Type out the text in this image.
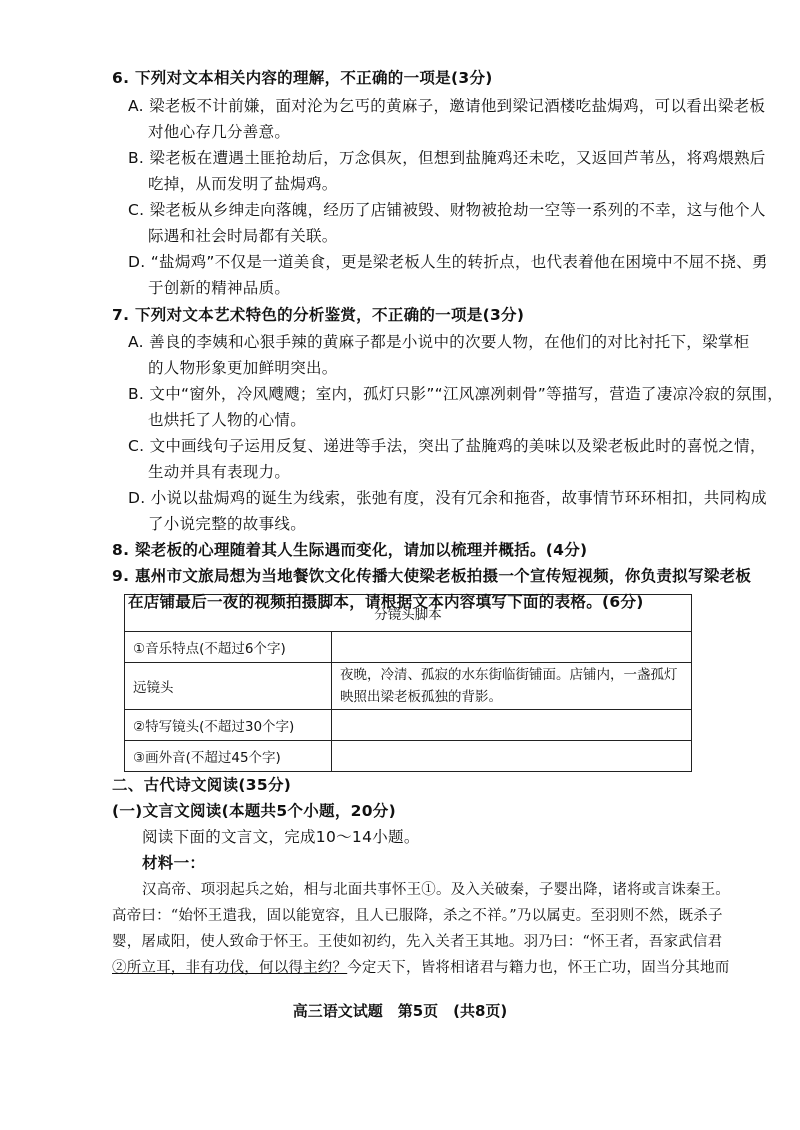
6. 下列对文本相关内容的理解，不正确的一项是(3分)
A. 梁老板不计前嫌，面对沦为乞丐的黄麻子，邀请他到梁记酒楼吃盐焗鸡，可以看出梁老板
对他心存几分善意。
B. 梁老板在遭遇土匪抢劫后，万念俱灰，但想到盐腌鸡还未吃，又返回芦苇丛，将鸡煨熟后
吃掉，从而发明了盐焗鸡。
C. 梁老板从乡绅走向落魄，经历了店铺被毁、财物被抢劫一空等一系列的不幸，这与他个人
际遇和社会时局都有关联。
D. “盐焗鸡”不仅是一道美食，更是梁老板人生的转折点，也代表着他在困境中不屈不挠、勇
于创新的精神品质。
7. 下列对文本艺术特色的分析鉴赏，不正确的一项是(3分)
A. 善良的李姨和心狠手辣的黄麻子都是小说中的次要人物，在他们的对比衬托下，梁掌柜
的人物形象更加鲜明突出。
B. 文中“窗外，冷风飕飕；室内，孤灯只影”“江风凛冽刺骨”等描写，营造了凄凉冷寂的氛围，
也烘托了人物的心情。
C. 文中画线句子运用反复、递进等手法，突出了盐腌鸡的美味以及梁老板此时的喜悦之情，
生动并具有表现力。
D. 小说以盐焗鸡的诞生为线索，张弛有度，没有冗余和拖沓，故事情节环环相扣，共同构成
了小说完整的故事线。
8. 梁老板的心理随着其人生际遇而变化，请加以梳理并概括。(4分)
9. 惠州市文旅局想为当地餐饮文化传播大使梁老板拍摄一个宣传短视频，你负责拟写梁老板
分镜头脚本	
①音乐特点(不超过6个字)	
远镜头	夜晚，冷清、孤寂的水东街临街铺面。店铺内，一盏孤灯
映照出梁老板孤独的背影。

②特写镜头(不超过30个字)	
③画外音(不超过45个字)	
二、古代诗文阅读(35分)
(一)文言文阅读(本题共5个小题，20分)
阅读下面的文言文，完成10～14小题。
材料一：
汉高帝、项羽起兵之始，相与北面共事怀王①。及入关破秦，子婴出降，诸将或言诛秦王。
高帝曰：“始怀王遣我，固以能宽容，且人已服降，杀之不祥。”乃以属吏。至羽则不然，既杀子
婴，屠咸阳，使人致命于怀王。王使如初约，先入关者王其地。羽乃曰：“怀王者，吾家武信君
②所立耳，非有功伐，何以得主约？今定天下，皆将相诸君与籍力也，怀王亡功，固当分其地而
高三语文试题　第5页　(共8页)
在店铺最后一夜的视频拍摄脚本，请根据文本内容填写下面的表格。(6分)
